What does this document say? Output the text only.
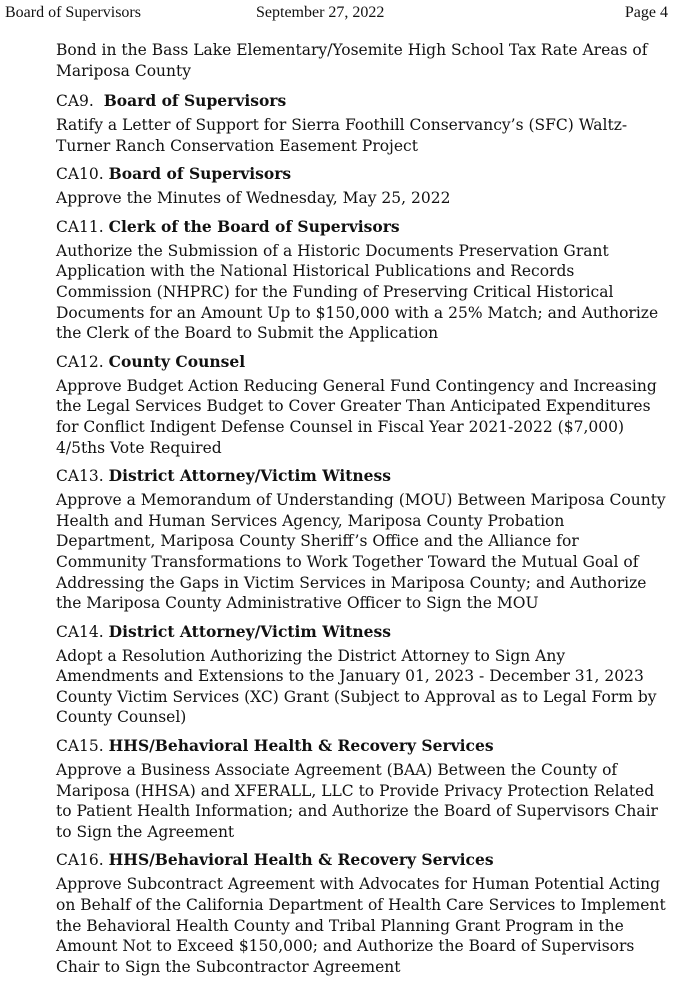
Board of Supervisors	September 27, 2022	Page 4

Bond in the Bass Lake Elementary/Yosemite High School Tax Rate Areas of Mariposa County

CA9. Board of Supervisors

Ratify a Letter of Support for Sierra Foothill Conservancy’s (SFC) Waltz-Turner Ranch Conservation Easement Project

CA10. Board of Supervisors

Approve the Minutes of Wednesday, May 25, 2022

CA11. Clerk of the Board of Supervisors

Authorize the Submission of a Historic Documents Preservation Grant Application with the National Historical Publications and Records Commission (NHPRC) for the Funding of Preserving Critical Historical Documents for an Amount Up to $150,000 with a 25% Match; and Authorize the Clerk of the Board to Submit the Application

CA12. County Counsel

Approve Budget Action Reducing General Fund Contingency and Increasing the Legal Services Budget to Cover Greater Than Anticipated Expenditures for Conflict Indigent Defense Counsel in Fiscal Year 2021-2022 ($7,000) 4/5ths Vote Required

CA13. District Attorney/Victim Witness

Approve a Memorandum of Understanding (MOU) Between Mariposa County Health and Human Services Agency, Mariposa County Probation Department, Mariposa County Sheriff’s Office and the Alliance for Community Transformations to Work Together Toward the Mutual Goal of Addressing the Gaps in Victim Services in Mariposa County; and Authorize the Mariposa County Administrative Officer to Sign the MOU

CA14. District Attorney/Victim Witness

Adopt a Resolution Authorizing the District Attorney to Sign Any Amendments and Extensions to the January 01, 2023 - December 31, 2023 County Victim Services (XC) Grant (Subject to Approval as to Legal Form by County Counsel)

CA15. HHS/Behavioral Health & Recovery Services

Approve a Business Associate Agreement (BAA) Between the County of Mariposa (HHSA) and XFERALL, LLC to Provide Privacy Protection Related to Patient Health Information; and Authorize the Board of Supervisors Chair to Sign the Agreement

CA16. HHS/Behavioral Health & Recovery Services

Approve Subcontract Agreement with Advocates for Human Potential Acting on Behalf of the California Department of Health Care Services to Implement the Behavioral Health County and Tribal Planning Grant Program in the Amount Not to Exceed $150,000; and Authorize the Board of Supervisors Chair to Sign the Subcontractor Agreement
